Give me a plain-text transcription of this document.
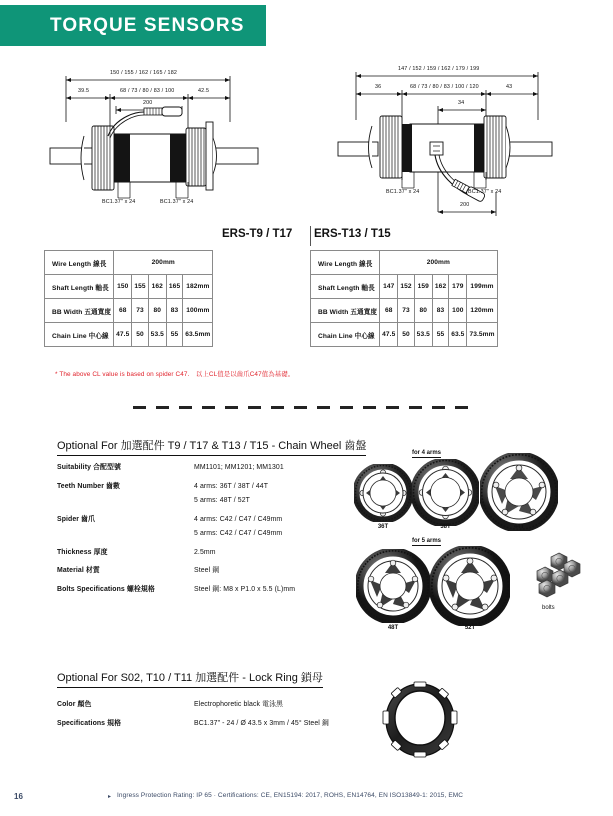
TORQUE SENSORS
150 / 155 / 162 / 165 / 182
39.5	68 / 73 / 80 / 83 / 100	42.5
200
BC1.37" x 24	BC1.37" x 24
147 / 152 / 159 / 162 / 179 / 199
36	68 / 73 / 80 / 83 / 100 / 120	43
34
200
BC1.37" x 24	BC1.37" x 24
ERS-T9 / T17 ERS-T13 / T15
Wire Length 線長	200mm				
Shaft Length 軸長	150	155	162	165	182mm
BB Width 五通寬度	68	73	80	83	100mm
Chain Line 中心線	47.5	50	53.5	55	63.5mm
Wire Length 線長	200mm					
Shaft Length 軸長	147	152	159	162	179	199mm
BB Width 五通寬度	68	73	80	83	100	120mm
Chain Line 中心線	47.5	50	53.5	55	63.5	73.5mm
* The above CL value is based on spider C47.　以上CL值是以齒爪C47值為基礎。
Optional For 加選配件 T9 / T17 & T13 / T15 - Chain Wheel 齒盤
Suitability 合配型號	MM1101; MM1201; MM1301
Teeth Number 齒數	4 arms: 36T / 38T / 44T
5 arms: 48T / 52T
Spider 齒爪	4 arms: C42 / C47 / C49mm
5 arms: C42 / C47 / C49mm
Thickness 厚度	2.5mm
Material 材質	Steel 鋼
Bolts Specifications 螺栓規格	Steel 鋼: M8 x P1.0 x 5.5 (L)mm
for 4 arms
36T	38T	44T
for 5 arms
48T	52T
bolts
Optional For S02, T10 / T11 加選配件 - Lock Ring 鎖母
Color 顏色	Electrophoretic black 電泳黑
Specifications 規格	BC1.37" - 24 / Ø 43.5 x 3mm / 45° Steel 鋼
16	▸ Ingress Protection Rating: IP 65 · Certifications: CE, EN15194: 2017, ROHS, EN14764, EN ISO13849-1: 2015, EMC
